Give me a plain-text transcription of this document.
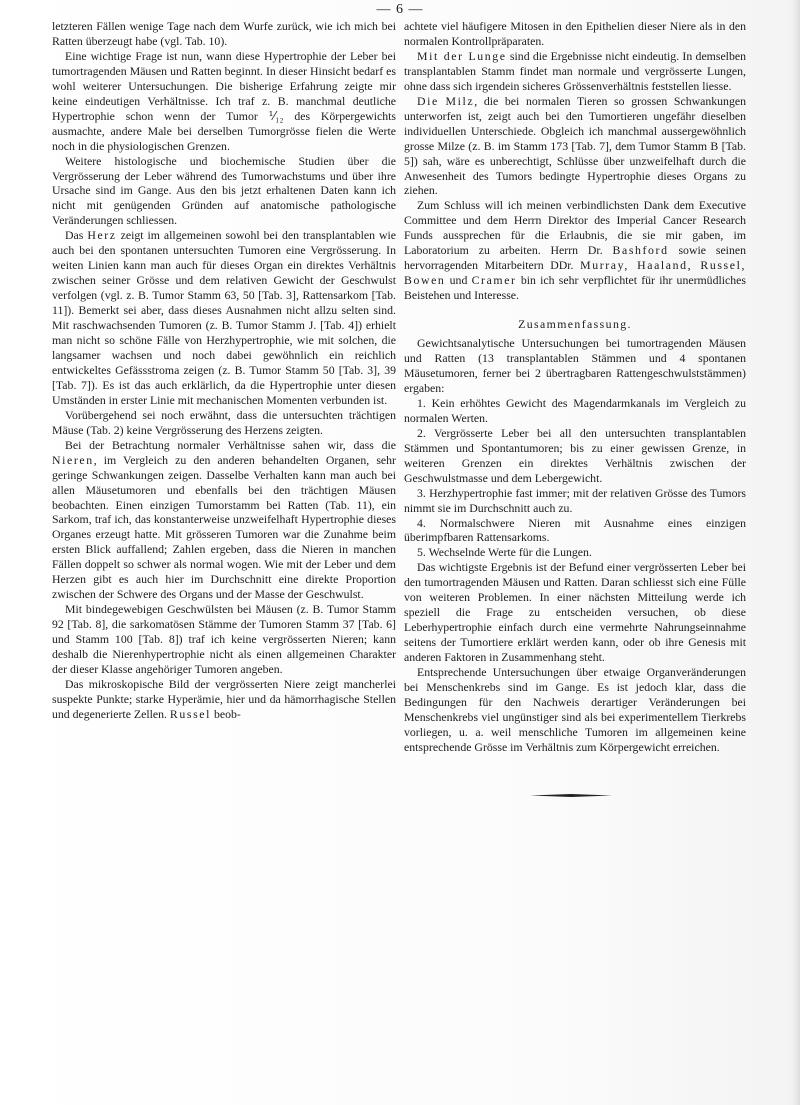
— 6 —

letzteren Fällen wenige Tage nach dem Wurfe zurück, wie ich mich bei Ratten überzeugt habe (vgl. Tab. 10).

Eine wichtige Frage ist nun, wann diese Hypertrophie der Leber bei tumortragenden Mäusen und Ratten beginnt. In dieser Hinsicht bedarf es wohl weiterer Untersuchungen. Die bisherige Erfahrung zeigte mir keine eindeutigen Verhältnisse. Ich traf z. B. manchmal deutliche Hypertrophie schon wenn der Tumor ⅟₁₂ des Körpergewichts ausmachte, andere Male bei derselben Tumorgrösse fielen die Werte noch in die physiologischen Grenzen.

Weitere histologische und biochemische Studien über die Vergrösserung der Leber während des Tumorwachstums und über ihre Ursache sind im Gange. Aus den bis jetzt erhaltenen Daten kann ich nicht mit genügenden Gründen auf anatomische pathologische Veränderungen schliessen.

Das Herz zeigt im allgemeinen sowohl bei den transplantablen wie auch bei den spontanen untersuchten Tumoren eine Vergrösserung. In weiten Linien kann man auch für dieses Organ ein direktes Verhältnis zwischen seiner Grösse und dem relativen Gewicht der Geschwulst verfolgen (vgl. z. B. Tumor Stamm 63, 50 [Tab. 3], Rattensarkom [Tab. 11]). Bemerkt sei aber, dass dieses Ausnahmen nicht allzu selten sind. Mit raschwachsenden Tumoren (z. B. Tumor Stamm J. [Tab. 4]) erhielt man nicht so schöne Fälle von Herzhypertrophie, wie mit solchen, die langsamer wachsen und noch dabei gewöhnlich ein reichlich entwickeltes Gefässstroma zeigen (z. B. Tumor Stamm 50 [Tab. 3], 39 [Tab. 7]). Es ist das auch erklärlich, da die Hypertrophie unter diesen Umständen in erster Linie mit mechanischen Momenten verbunden ist.

Vorübergehend sei noch erwähnt, dass die untersuchten trächtigen Mäuse (Tab. 2) keine Vergrösserung des Herzens zeigten.

Bei der Betrachtung normaler Verhältnisse sahen wir, dass die Nieren, im Vergleich zu den anderen behandelten Organen, sehr geringe Schwankungen zeigen. Dasselbe Verhalten kann man auch bei allen Mäusetumoren und ebenfalls bei den trächtigen Mäusen beobachten. Einen einzigen Tumorstamm bei Ratten (Tab. 11), ein Sarkom, traf ich, das konstanterweise unzweifelhaft Hypertrophie dieses Organes erzeugt hatte. Mit grösseren Tumoren war die Zunahme beim ersten Blick auffallend; Zahlen ergeben, dass die Nieren in manchen Fällen doppelt so schwer als normal wogen. Wie mit der Leber und dem Herzen gibt es auch hier im Durchschnitt eine direkte Proportion zwischen der Schwere des Organs und der Masse der Geschwulst.

Mit bindegewebigen Geschwülsten bei Mäusen (z. B. Tumor Stamm 92 [Tab. 8], die sarkomatösen Stämme der Tumoren Stamm 37 [Tab. 6] und Stamm 100 [Tab. 8]) traf ich keine vergrösserten Nieren; kann deshalb die Nierenhypertrophie nicht als einen allgemeinen Charakter der dieser Klasse angehöriger Tumoren angeben.

Das mikroskopische Bild der vergrösserten Niere zeigt mancherlei suspekte Punkte; starke Hyperämie, hier und da hämorrhagische Stellen und degenerierte Zellen. Russel beob-

achtete viel häufigere Mitosen in den Epithelien dieser Niere als in den normalen Kontrollpräparaten.

Mit der Lunge sind die Ergebnisse nicht eindeutig. In demselben transplantablen Stamm findet man normale und vergrösserte Lungen, ohne dass sich irgendein sicheres Grössenverhältnis feststellen liesse.

Die Milz, die bei normalen Tieren so grossen Schwankungen unterworfen ist, zeigt auch bei den Tumortieren ungefähr dieselben individuellen Unterschiede. Obgleich ich manchmal aussergewöhnlich grosse Milze (z. B. im Stamm 173 [Tab. 7], dem Tumor Stamm B [Tab. 5]) sah, wäre es unberechtigt, Schlüsse über unzweifelhaft durch die Anwesenheit des Tumors bedingte Hypertrophie dieses Organs zu ziehen.

Zum Schluss will ich meinen verbindlichsten Dank dem Executive Committee und dem Herrn Direktor des Imperial Cancer Research Funds aussprechen für die Erlaubnis, die sie mir gaben, im Laboratorium zu arbeiten. Herrn Dr. Bashford sowie seinen hervorragenden Mitarbeitern DDr. Murray, Haaland, Russel, Bowen und Cramer bin ich sehr verpflichtet für ihr unermüdliches Beistehen und Interesse.

Zusammenfassung.

Gewichtsanalytische Untersuchungen bei tumortragenden Mäusen und Ratten (13 transplantablen Stämmen und 4 spontanen Mäusetumoren, ferner bei 2 übertragbaren Rattengeschwulststämmen) ergaben:

1. Kein erhöhtes Gewicht des Magendarmkanals im Vergleich zu normalen Werten.

2. Vergrösserte Leber bei all den untersuchten transplantablen Stämmen und Spontantumoren; bis zu einer gewissen Grenze, in weiteren Grenzen ein direktes Verhältnis zwischen der Geschwulstmasse und dem Lebergewicht.

3. Herzhypertrophie fast immer; mit der relativen Grösse des Tumors nimmt sie im Durchschnitt auch zu.

4. Normalschwere Nieren mit Ausnahme eines einzigen überimpfbaren Rattensarkoms.

5. Wechselnde Werte für die Lungen.

Das wichtigste Ergebnis ist der Befund einer vergrösserten Leber bei den tumortragenden Mäusen und Ratten. Daran schliesst sich eine Fülle von weiteren Problemen. In einer nächsten Mitteilung werde ich speziell die Frage zu entscheiden versuchen, ob diese Leberhypertrophie einfach durch eine vermehrte Nahrungseinnahme seitens der Tumortiere erklärt werden kann, oder ob ihre Genesis mit anderen Faktoren in Zusammenhang steht.

Entsprechende Untersuchungen über etwaige Organveränderungen bei Menschenkrebs sind im Gange. Es ist jedoch klar, dass die Bedingungen für den Nachweis derartiger Veränderungen bei Menschenkrebs viel ungünstiger sind als bei experimentellem Tierkrebs vorliegen, u. a. weil menschliche Tumoren im allgemeinen keine entsprechende Grösse im Verhältnis zum Körpergewicht erreichen.
